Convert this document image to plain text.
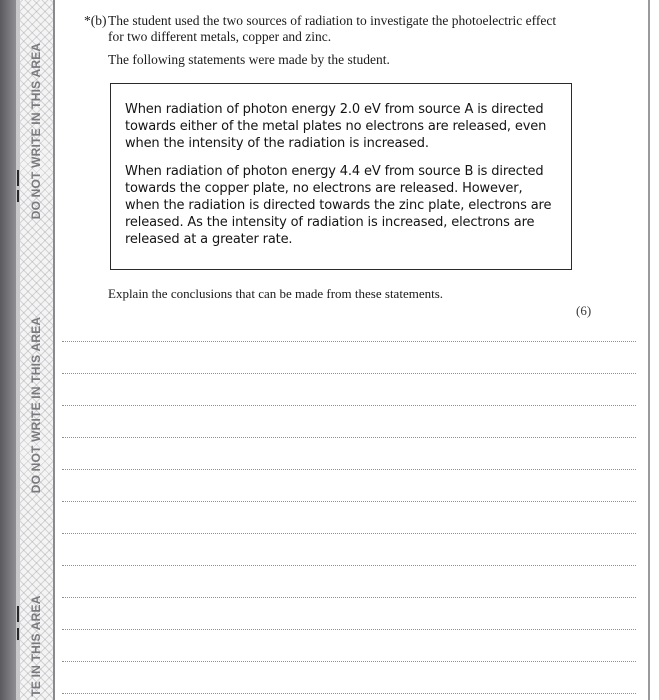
DO NOT WRITE IN THIS AREA
DO NOT WRITE IN THIS AREA
TE IN THIS AREA
*(b) The student used the two sources of radiation to investigate the photoelectric effect
for two different metals, copper and zinc.
The following statements were made by the student.

When radiation of photon energy 2.0 eV from source A is directed towards either of the metal plates no electrons are released, even when the intensity of the radiation is increased.

When radiation of photon energy 4.4 eV from source B is directed towards the copper plate, no electrons are released. However, when the radiation is directed towards the zinc plate, electrons are released. As the intensity of radiation is increased, electrons are released at a greater rate.

Explain the conclusions that can be made from these statements.
(6)
